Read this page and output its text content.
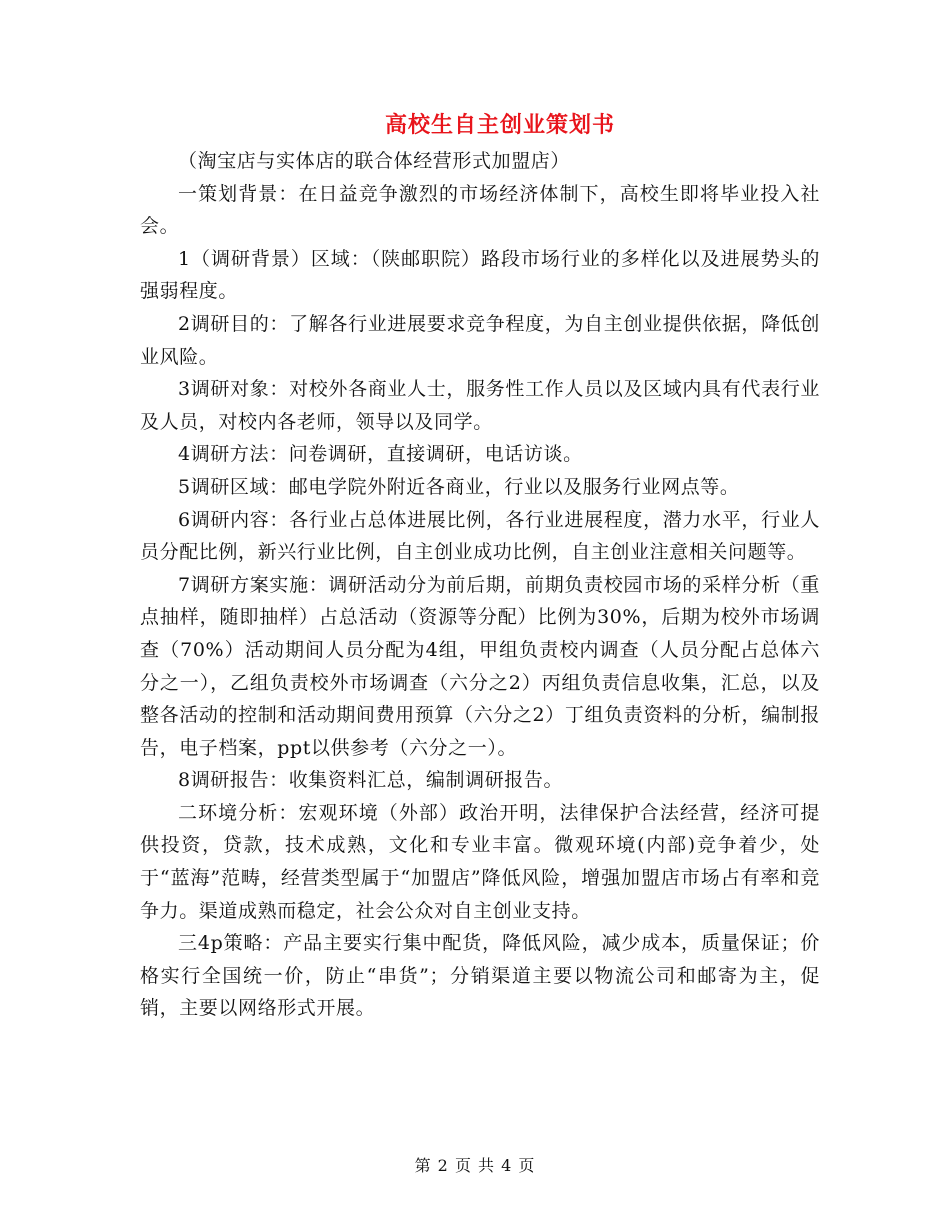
高校生自主创业策划书

（淘宝店与实体店的联合体经营形式加盟店）

一策划背景：在日益竞争激烈的市场经济体制下，高校生即将毕业投入社会。

1（调研背景）区域：（陕邮职院）路段市场行业的多样化以及进展势头的强弱程度。

2调研目的：了解各行业进展要求竞争程度，为自主创业提供依据，降低创业风险。

3调研对象：对校外各商业人士，服务性工作人员以及区域内具有代表行业及人员，对校内各老师，领导以及同学。

4调研方法：问卷调研，直接调研，电话访谈。

5调研区域：邮电学院外附近各商业，行业以及服务行业网点等。

6调研内容：各行业占总体进展比例，各行业进展程度，潜力水平，行业人员分配比例，新兴行业比例，自主创业成功比例，自主创业注意相关问题等。

7调研方案实施：调研活动分为前后期，前期负责校园市场的采样分析（重点抽样，随即抽样）占总活动（资源等分配）比例为30%，后期为校外市场调查（70%）活动期间人员分配为4组，甲组负责校内调查（人员分配占总体六分之一），乙组负责校外市场调查（六分之2）丙组负责信息收集，汇总，以及整各活动的控制和活动期间费用预算（六分之2）丁组负责资料的分析，编制报告，电子档案，ppt以供参考（六分之一）。

8调研报告：收集资料汇总，编制调研报告。

二环境分析：宏观环境（外部）政治开明，法律保护合法经营，经济可提供投资，贷款，技术成熟，文化和专业丰富。微观环境(内部)竞争着少，处于“蓝海”范畴，经营类型属于“加盟店”降低风险，增强加盟店市场占有率和竞争力。渠道成熟而稳定，社会公众对自主创业支持。

三4p策略：产品主要实行集中配货，降低风险，减少成本，质量保证；价格实行全国统一价，防止“串货”；分销渠道主要以物流公司和邮寄为主，促销，主要以网络形式开展。

第 2 页 共 4 页
